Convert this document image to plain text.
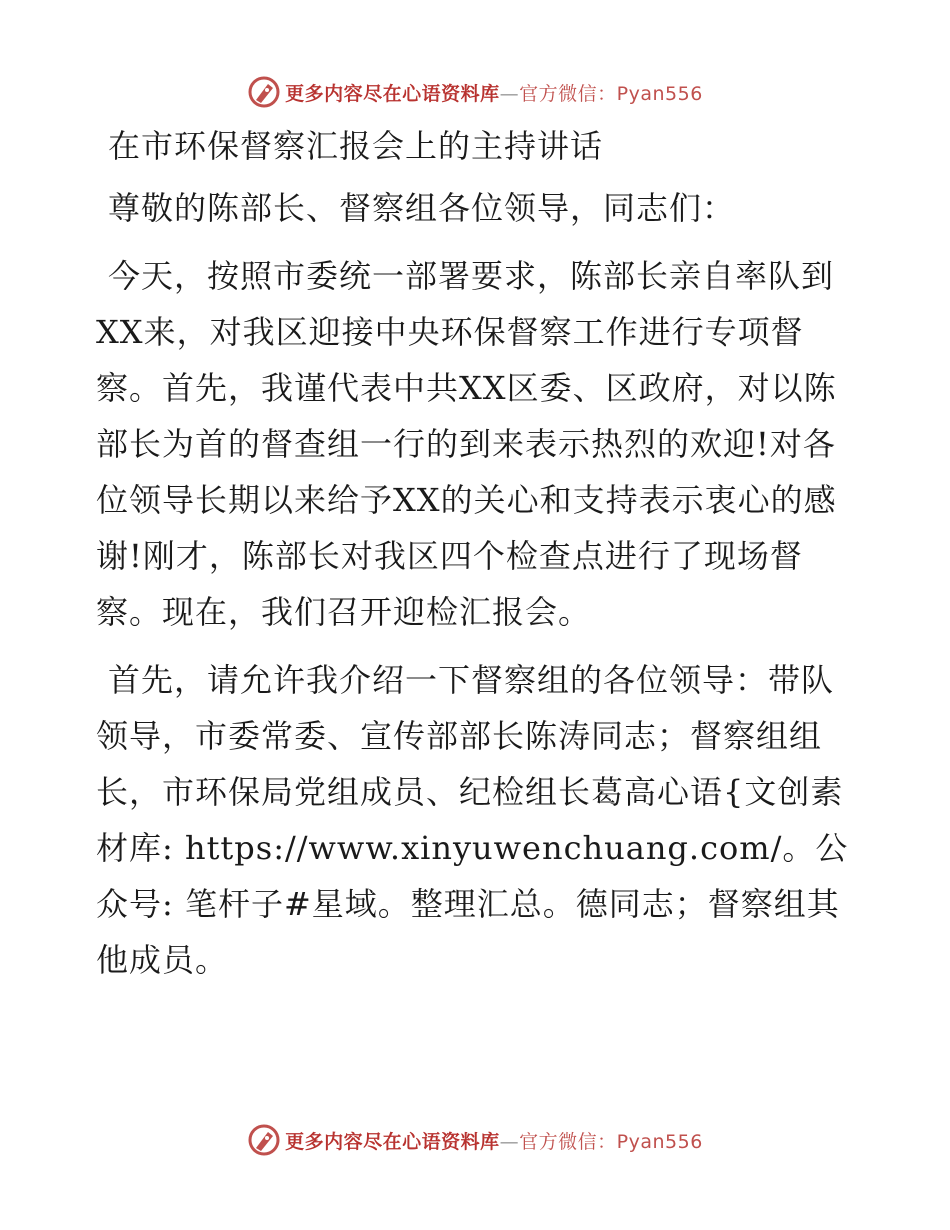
更多内容尽在心语资料库—官方微信：Pyan556

在市环保督察汇报会上的主持讲话

尊敬的陈部长、督察组各位领导，同志们：

今天，按照市委统一部署要求，陈部长亲自率队到XX来，对我区迎接中央环保督察工作进行专项督察。首先，我谨代表中共XX区委、区政府，对以陈部长为首的督查组一行的到来表示热烈的欢迎!对各位领导长期以来给予XX的关心和支持表示衷心的感谢!刚才，陈部长对我区四个检查点进行了现场督察。现在，我们召开迎检汇报会。

首先，请允许我介绍一下督察组的各位领导：带队领导，市委常委、宣传部部长陈涛同志；督察组组长，市环保局党组成员、纪检组长葛高心语{文创素材库: https://www.xinyuwenchuang.com/。公众号: 笔杆子#星域。整理汇总。德同志；督察组其他成员。

更多内容尽在心语资料库—官方微信：Pyan556
